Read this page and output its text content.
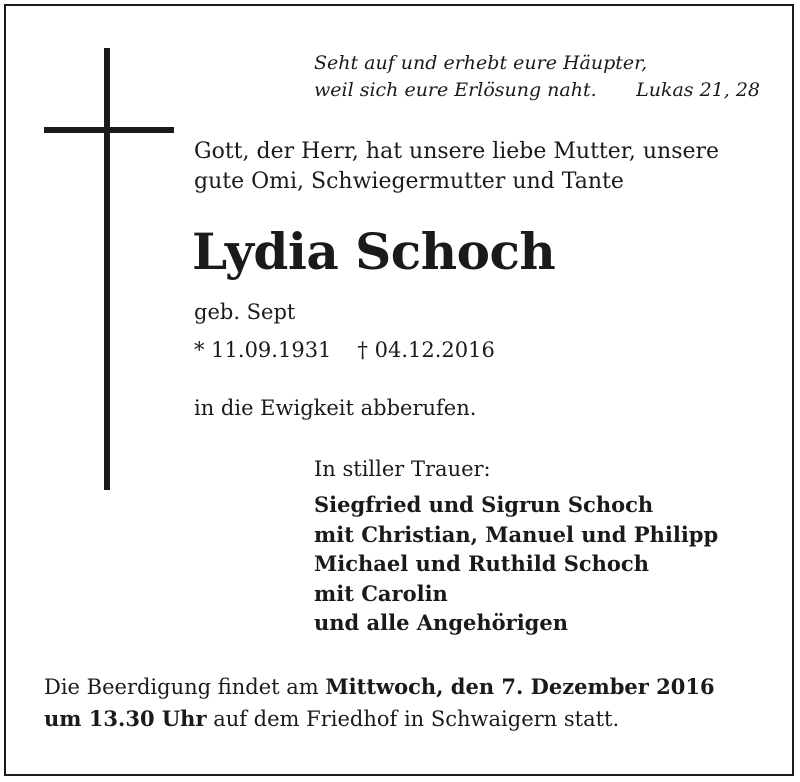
Seht auf und erhebt eure Häupter,
weil sich eure Erlösung naht. Lukas 21, 28
Gott, der Herr, hat unsere liebe Mutter, unsere
gute Omi, Schwiegermutter und Tante
Lydia Schoch
geb. Sept
* 11.09.1931 † 04.12.2016
in die Ewigkeit abberufen.
In stiller Trauer:
Siegfried und Sigrun Schoch
mit Christian, Manuel und Philipp
Michael und Ruthild Schoch
mit Carolin
und alle Angehörigen
Die Beerdigung findet am Mittwoch, den 7. Dezember 2016
um 13.30 Uhr auf dem Friedhof in Schwaigern statt.
